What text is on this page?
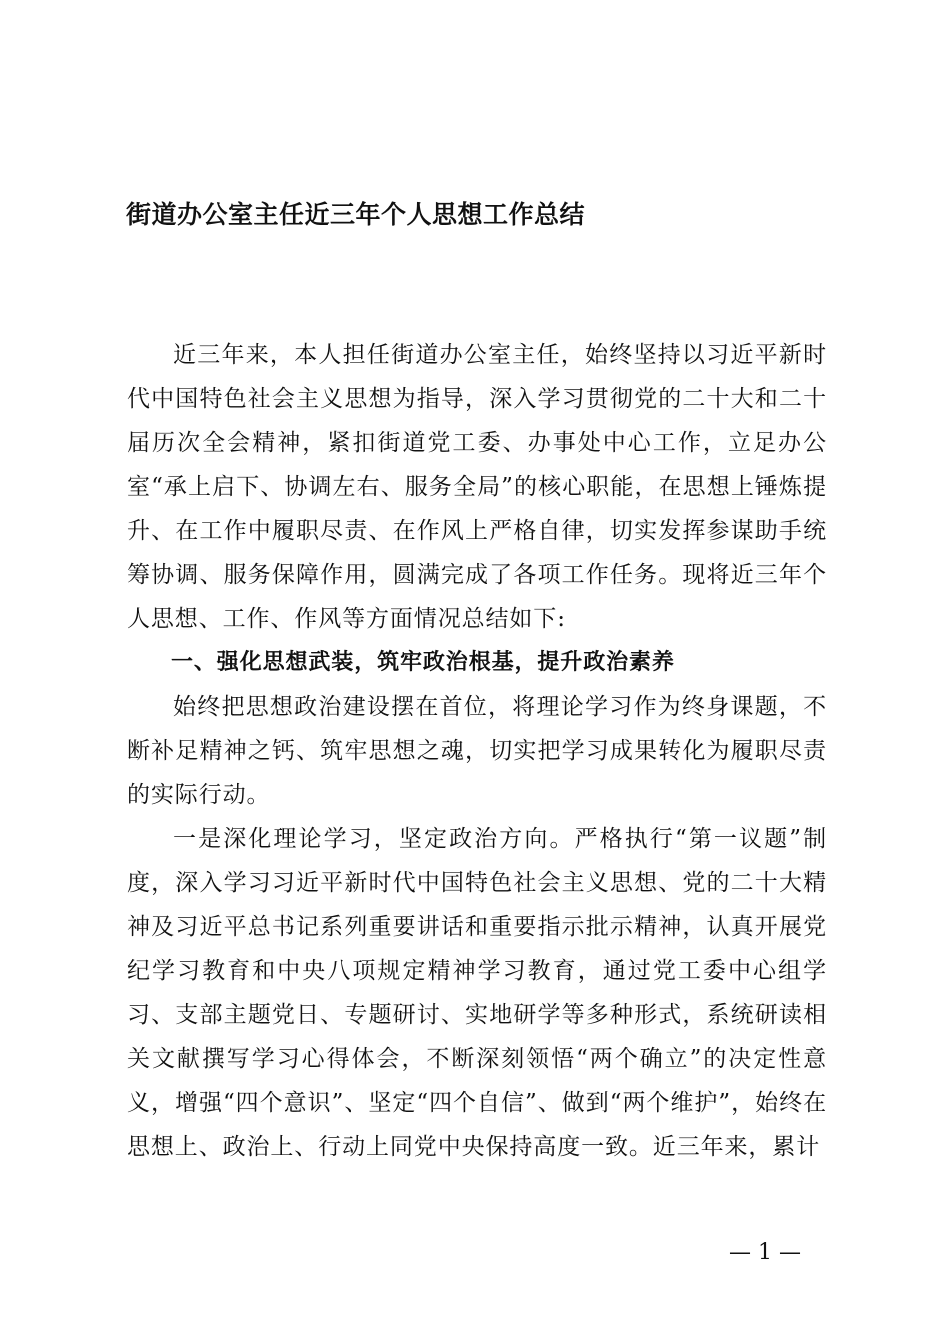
街道办公室主任近三年个人思想工作总结

近三年来，本人担任街道办公室主任，始终坚持以习近平新时代中国特色社会主义思想为指导，深入学习贯彻党的二十大和二十届历次全会精神，紧扣街道党工委、办事处中心工作，立足办公室“承上启下、协调左右、服务全局”的核心职能，在思想上锤炼提升、在工作中履职尽责、在作风上严格自律，切实发挥参谋助手统筹协调、服务保障作用，圆满完成了各项工作任务。现将近三年个人思想、工作、作风等方面情况总结如下:

一、强化思想武装，筑牢政治根基，提升政治素养

始终把思想政治建设摆在首位，将理论学习作为终身课题，不断补足精神之钙、筑牢思想之魂，切实把学习成果转化为履职尽责的实际行动。

一是深化理论学习，坚定政治方向。严格执行“第一议题”制度，深入学习习近平新时代中国特色社会主义思想、党的二十大精神及习近平总书记系列重要讲话和重要指示批示精神，认真开展党纪学习教育和中央八项规定精神学习教育，通过党工委中心组学习、支部主题党日、专题研讨、实地研学等多种形式，系统研读相关文献撰写学习心得体会，不断深刻领悟“两个确立”的决定性意义，增强“四个意识”、坚定“四个自信”、做到“两个维护”，始终在思想上、政治上、行动上同党中央保持高度一致。近三年来，累计

— 1 —
